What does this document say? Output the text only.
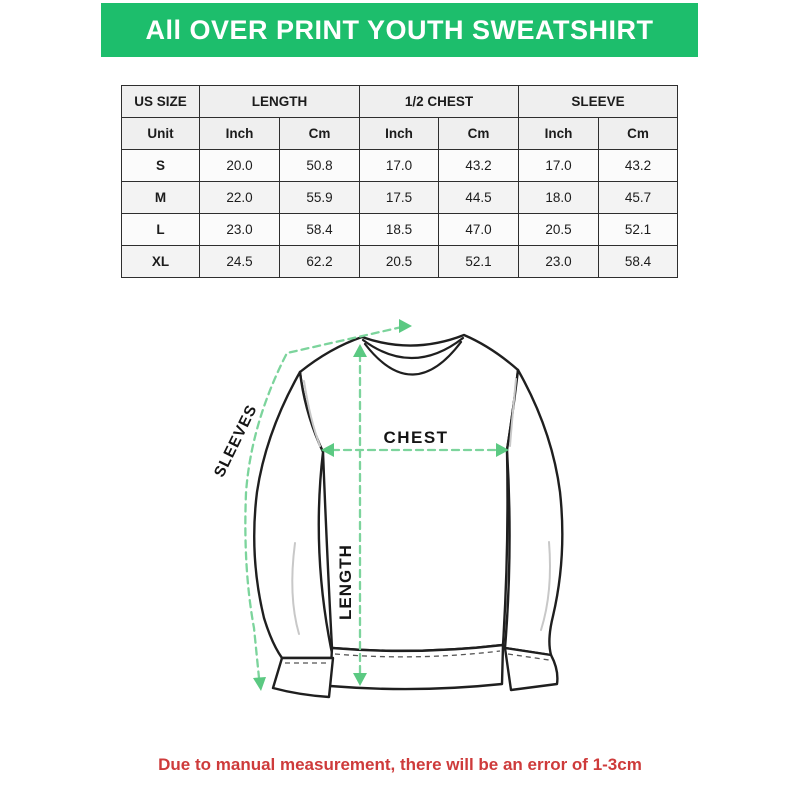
All OVER PRINT YOUTH SWEATSHIRT
US SIZE	LENGTH		1/2 CHEST		SLEEVE	
Unit	Inch	Cm	Inch	Cm	Inch	Cm
S	20.0	50.8	17.0	43.2	17.0	43.2
M	22.0	55.9	17.5	44.5	18.0	45.7
L	23.0	58.4	18.5	47.0	20.5	52.1
XL	24.5	62.2	20.5	52.1	23.0	58.4
CHEST
LENGTH
SLEEVES
Due to manual measurement, there will be an error of 1-3cm
